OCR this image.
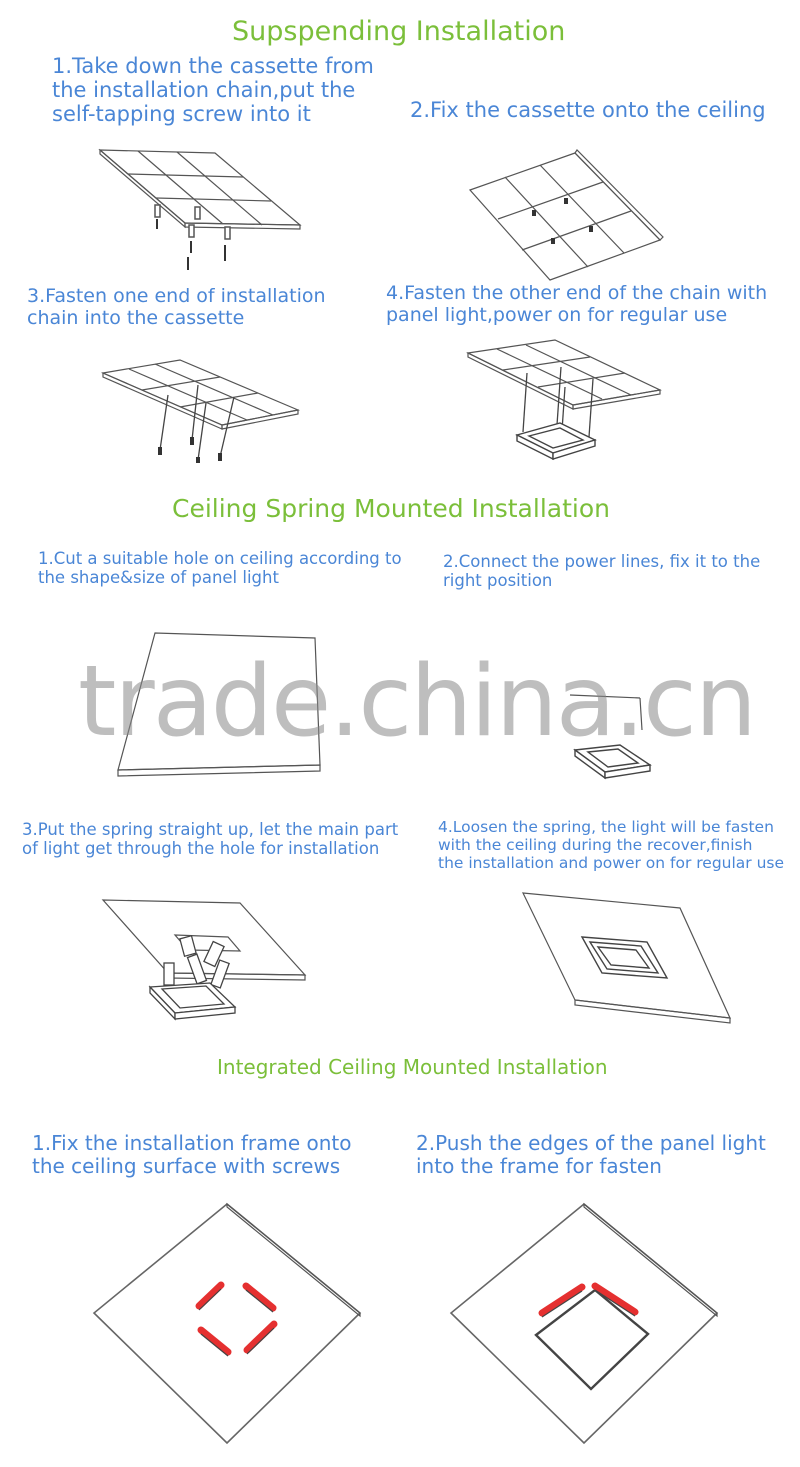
Supspending Installation
1.Take down the cassette from
the installation chain,put the
self-tapping screw into it	2.Fix the cassette onto the ceiling
3.Fasten one end of installation
chain into the cassette
4.Fasten the other end of the chain with
panel light,power on for regular use
Ceiling Spring Mounted Installation
1.Cut a suitable hole on ceiling according to
the shape&size of panel light
2.Connect the power lines, fix it to the
right position
3.Put the spring straight up, let the main part
of light get through the hole for installation
4.Loosen the spring, the light will be fasten
with the ceiling during the recover,finish
the installation and power on for regular use
trade.china.cn
Integrated Ceiling Mounted Installation
1.Fix the installation frame onto
the ceiling surface with screws
2.Push the edges of the panel light
into the frame for fasten
